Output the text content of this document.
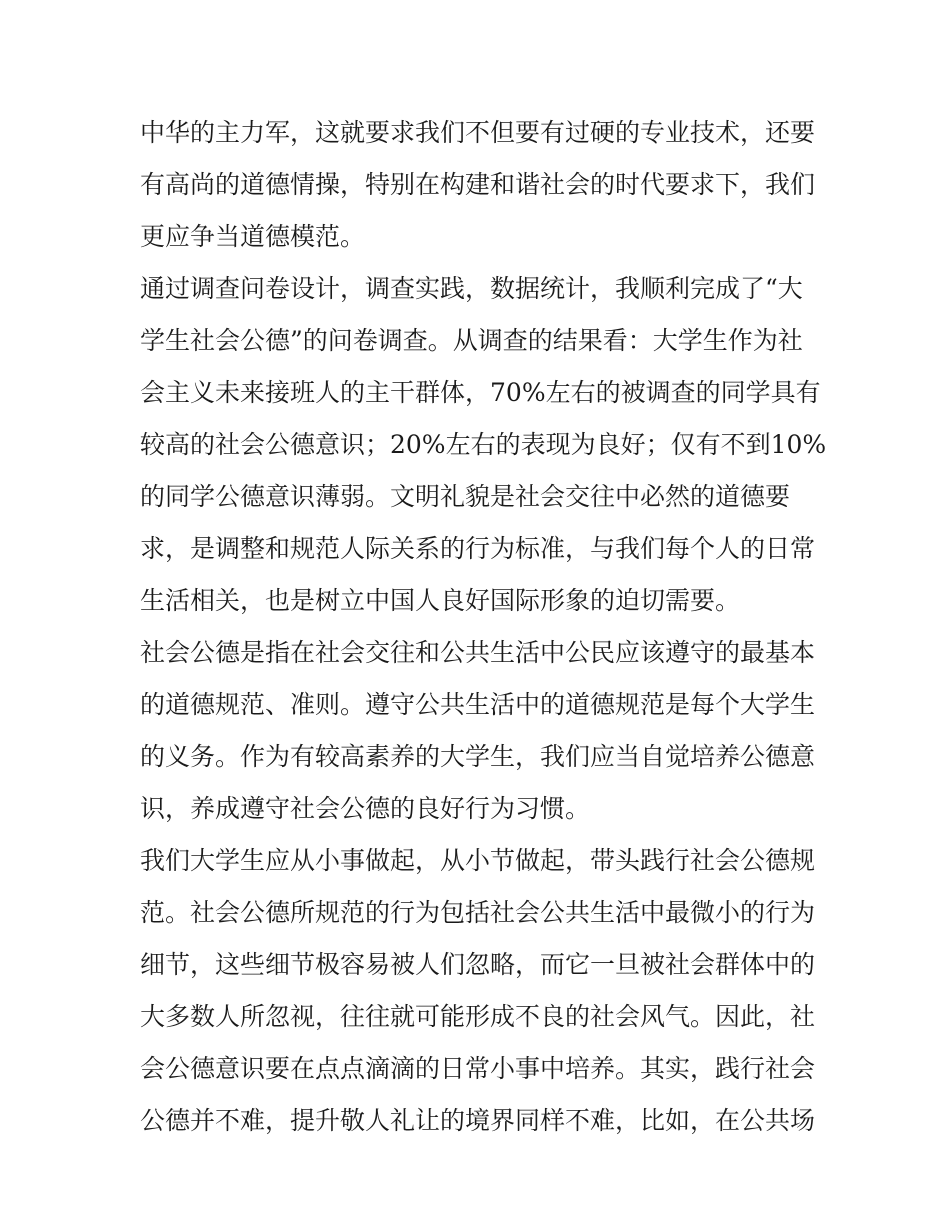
中华的主力军，这就要求我们不但要有过硬的专业技术，还要
有高尚的道德情操，特别在构建和谐社会的时代要求下，我们
更应争当道德模范。
通过调查问卷设计，调查实践，数据统计，我顺利完成了“大
学生社会公德”的问卷调查。从调查的结果看：大学生作为社
会主义未来接班人的主干群体，70%左右的被调查的同学具有
较高的社会公德意识；20%左右的表现为良好；仅有不到10%
的同学公德意识薄弱。文明礼貌是社会交往中必然的道德要
求，是调整和规范人际关系的行为标准，与我们每个人的日常
生活相关，也是树立中国人良好国际形象的迫切需要。
社会公德是指在社会交往和公共生活中公民应该遵守的最基本
的道德规范、准则。遵守公共生活中的道德规范是每个大学生
的义务。作为有较高素养的大学生，我们应当自觉培养公德意
识，养成遵守社会公德的良好行为习惯。
我们大学生应从小事做起，从小节做起，带头践行社会公德规
范。社会公德所规范的行为包括社会公共生活中最微小的行为
细节，这些细节极容易被人们忽略，而它一旦被社会群体中的
大多数人所忽视，往往就可能形成不良的社会风气。因此，社
会公德意识要在点点滴滴的日常小事中培养。其实，践行社会
公德并不难，提升敬人礼让的境界同样不难，比如，在公共场
